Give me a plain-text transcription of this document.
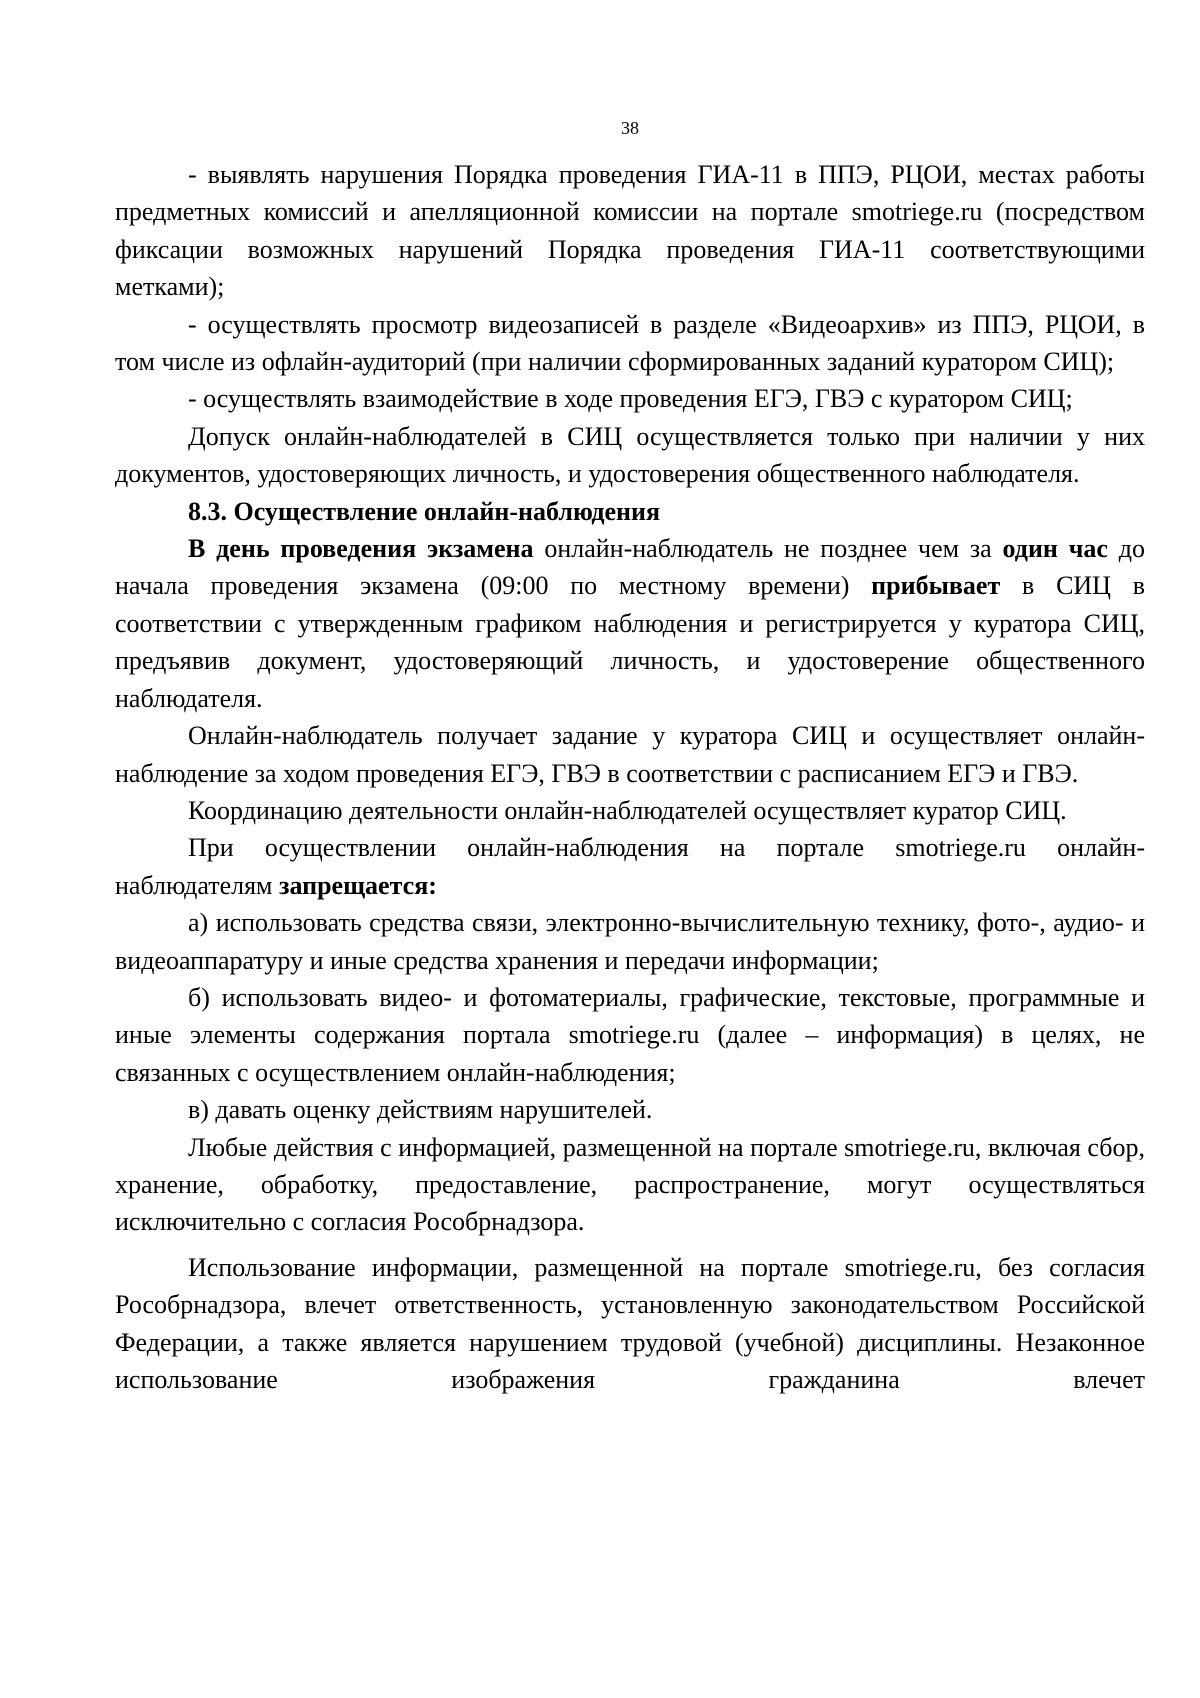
38

- выявлять нарушения Порядка проведения ГИА-11 в ППЭ, РЦОИ, местах работы предметных комиссий и апелляционной комиссии на портале smotriege.ru (посредством фиксации возможных нарушений Порядка проведения ГИА-11 соответствующими метками);

- осуществлять просмотр видеозаписей в разделе «Видеоархив» из ППЭ, РЦОИ, в том числе из офлайн-аудиторий (при наличии сформированных заданий куратором СИЦ);

- осуществлять взаимодействие в ходе проведения ЕГЭ, ГВЭ с куратором СИЦ;

Допуск онлайн-наблюдателей в СИЦ осуществляется только при наличии у них документов, удостоверяющих личность, и удостоверения общественного наблюдателя.

8.3. Осуществление онлайн-наблюдения

В день проведения экзамена онлайн-наблюдатель не позднее чем за один час до начала проведения экзамена (09:00 по местному времени) прибывает в СИЦ в соответствии с утвержденным графиком наблюдения и регистрируется у куратора СИЦ, предъявив документ, удостоверяющий личность, и удостоверение общественного наблюдателя.

Онлайн-наблюдатель получает задание у куратора СИЦ и осуществляет онлайн-наблюдение за ходом проведения ЕГЭ, ГВЭ в соответствии с расписанием ЕГЭ и ГВЭ.

Координацию деятельности онлайн-наблюдателей осуществляет куратор СИЦ.

При осуществлении онлайн-наблюдения на портале smotriege.ru онлайн-наблюдателям запрещается:

а) использовать средства связи, электронно-вычислительную технику, фото-, аудио- и видеоаппаратуру и иные средства хранения и передачи информации;

б) использовать видео- и фотоматериалы, графические, текстовые, программные и иные элементы содержания портала smotriege.ru (далее – информация) в целях, не связанных с осуществлением онлайн-наблюдения;

в) давать оценку действиям нарушителей.

Любые действия с информацией, размещенной на портале smotriege.ru, включая сбор, хранение, обработку, предоставление, распространение, могут осуществляться исключительно с согласия Рособрнадзора.

Использование информации, размещенной на портале smotriege.ru, без согласия Рособрнадзора, влечет ответственность, установленную законодательством Российской Федерации, а также является нарушением трудовой (учебной) дисциплины. Незаконное использование изображения гражданина влечет
